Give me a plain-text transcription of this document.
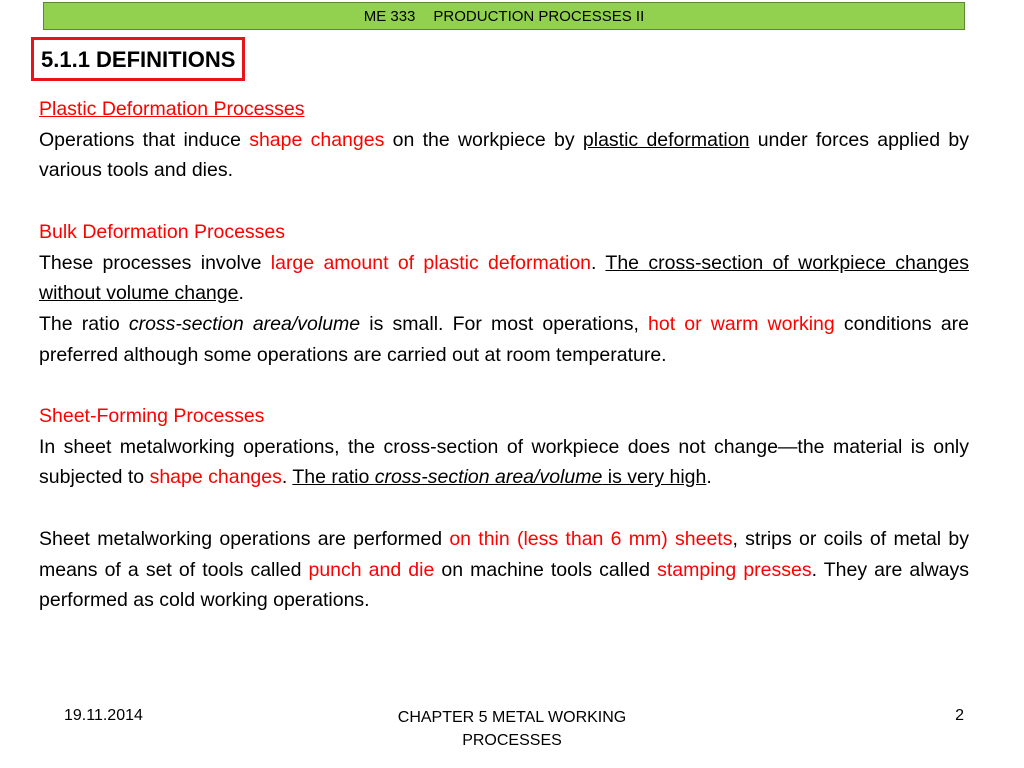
ME 333 PRODUCTION PROCESSES II
5.1.1 DEFINITIONS

Plastic Deformation Processes

Operations that induce shape changes on the workpiece by plastic deformation under forces applied by various tools and dies.

Bulk Deformation Processes

These processes involve large amount of plastic deformation. The cross-section of workpiece changes without volume change.

The ratio cross-section area/volume is small. For most operations, hot or warm working conditions are preferred although some operations are carried out at room temperature.

Sheet-Forming Processes

In sheet metalworking operations, the cross-section of workpiece does not change—the material is only subjected to shape changes. The ratio cross-section area/volume is very high.

Sheet metalworking operations are performed on thin (less than 6 mm) sheets, strips or coils of metal by means of a set of tools called punch and die on machine tools called stamping presses. They are always performed as cold working operations.

19.11.2014	CHAPTER 5 METAL WORKING PROCESSES
2
